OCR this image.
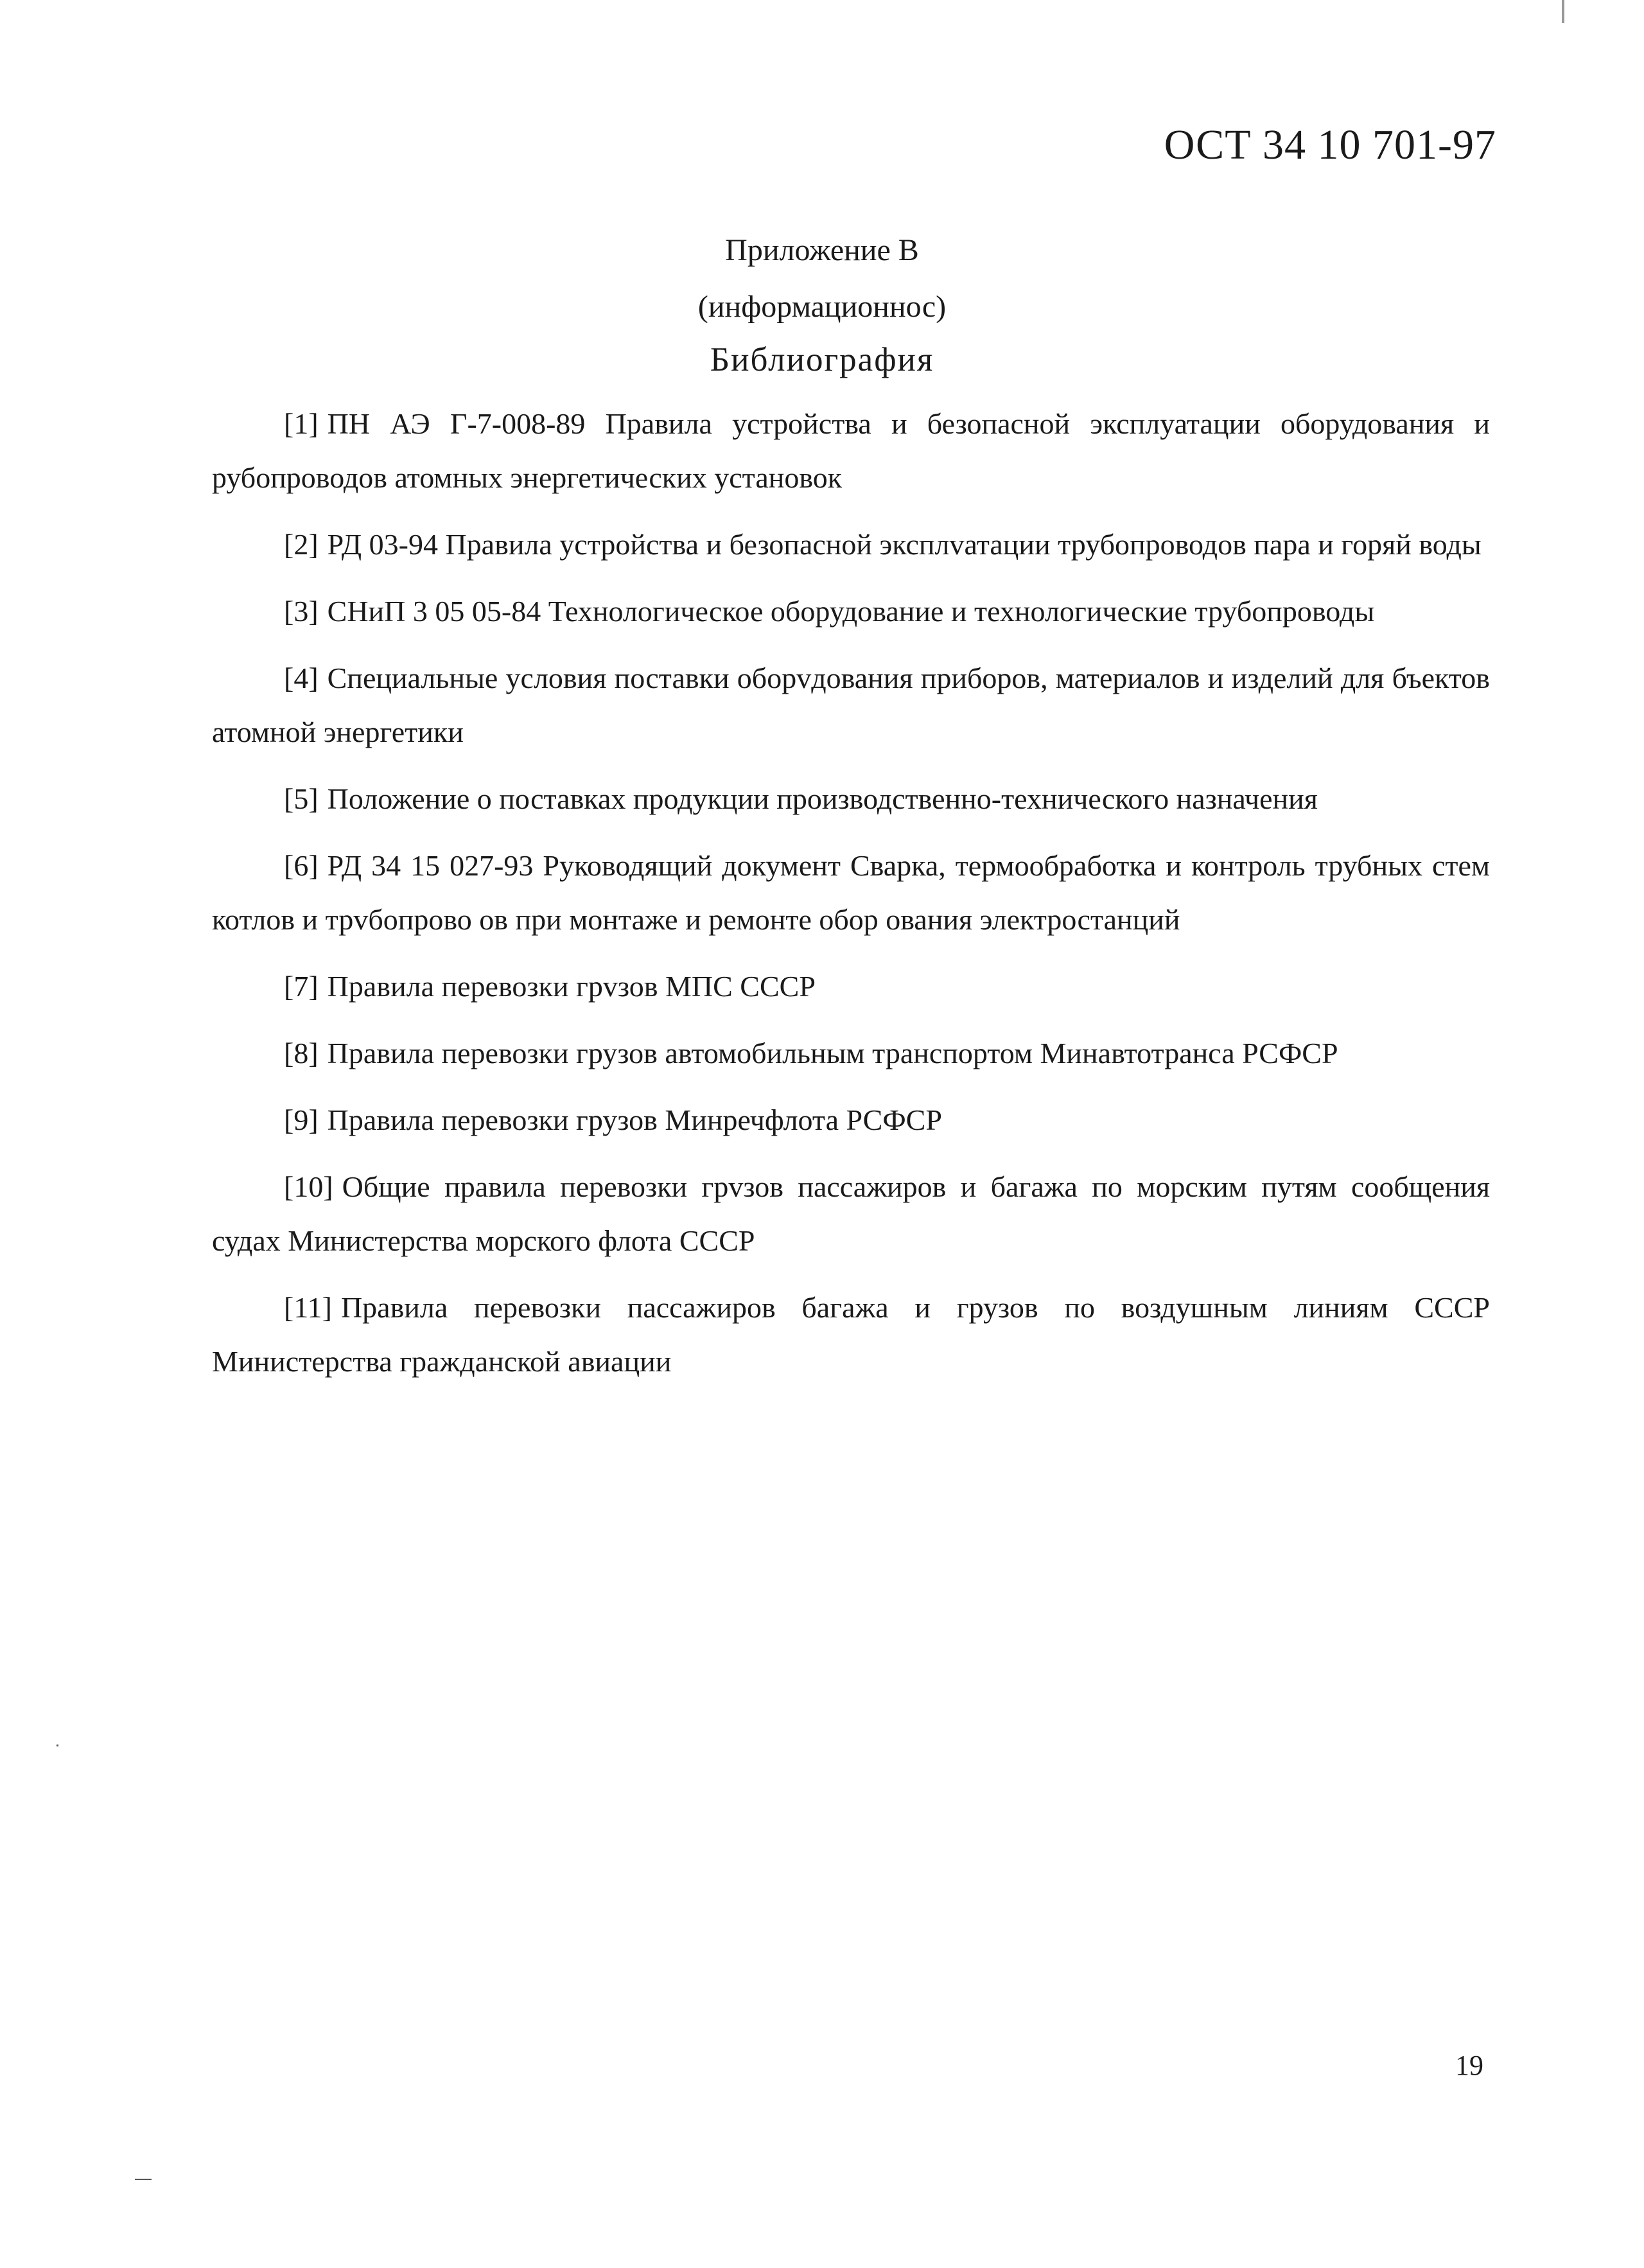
ОСТ 34 10 701-97
Приложение В
(информационнос)
Библиография
[1] ПН АЭ Г-7-008-89 Правила устройства и безопасной эксплуатации оборудования и рубопроводов атомных энергетических установок
[2] РД 03-94 Правила устройства и безопасной эксплvатации трубопроводов пара и горяй воды
[3] СНиП 3 05 05-84 Технологическое оборудование и технологические трубопроводы
[4] Специальные условия поставки оборvдования приборов, материалов и изделий для бъектов атомной энергетики
[5] Положение о поставках продукции производственно-технического назначения
[6] РД 34 15 027-93 Руководящий документ Сварка, термообработка и контроль трубных стем котлов и трvбопрово ов при монтаже и ремонте обор ования электростанций
[7] Правила перевозки грvзов МПС СССР
[8] Правила перевозки грузов автомобильным транспортом Минавтотранса РСФСР
[9] Правила перевозки грузов Минречфлота РСФСР
[10] Общие правила перевозки грvзов пассажиров и багажа по морским путям сообщения судах Министерства морского флота СССР
[11] Правила перевозки пассажиров багажа и грузов по воздушным линиям СССР Министерства гражданской авиации
19
